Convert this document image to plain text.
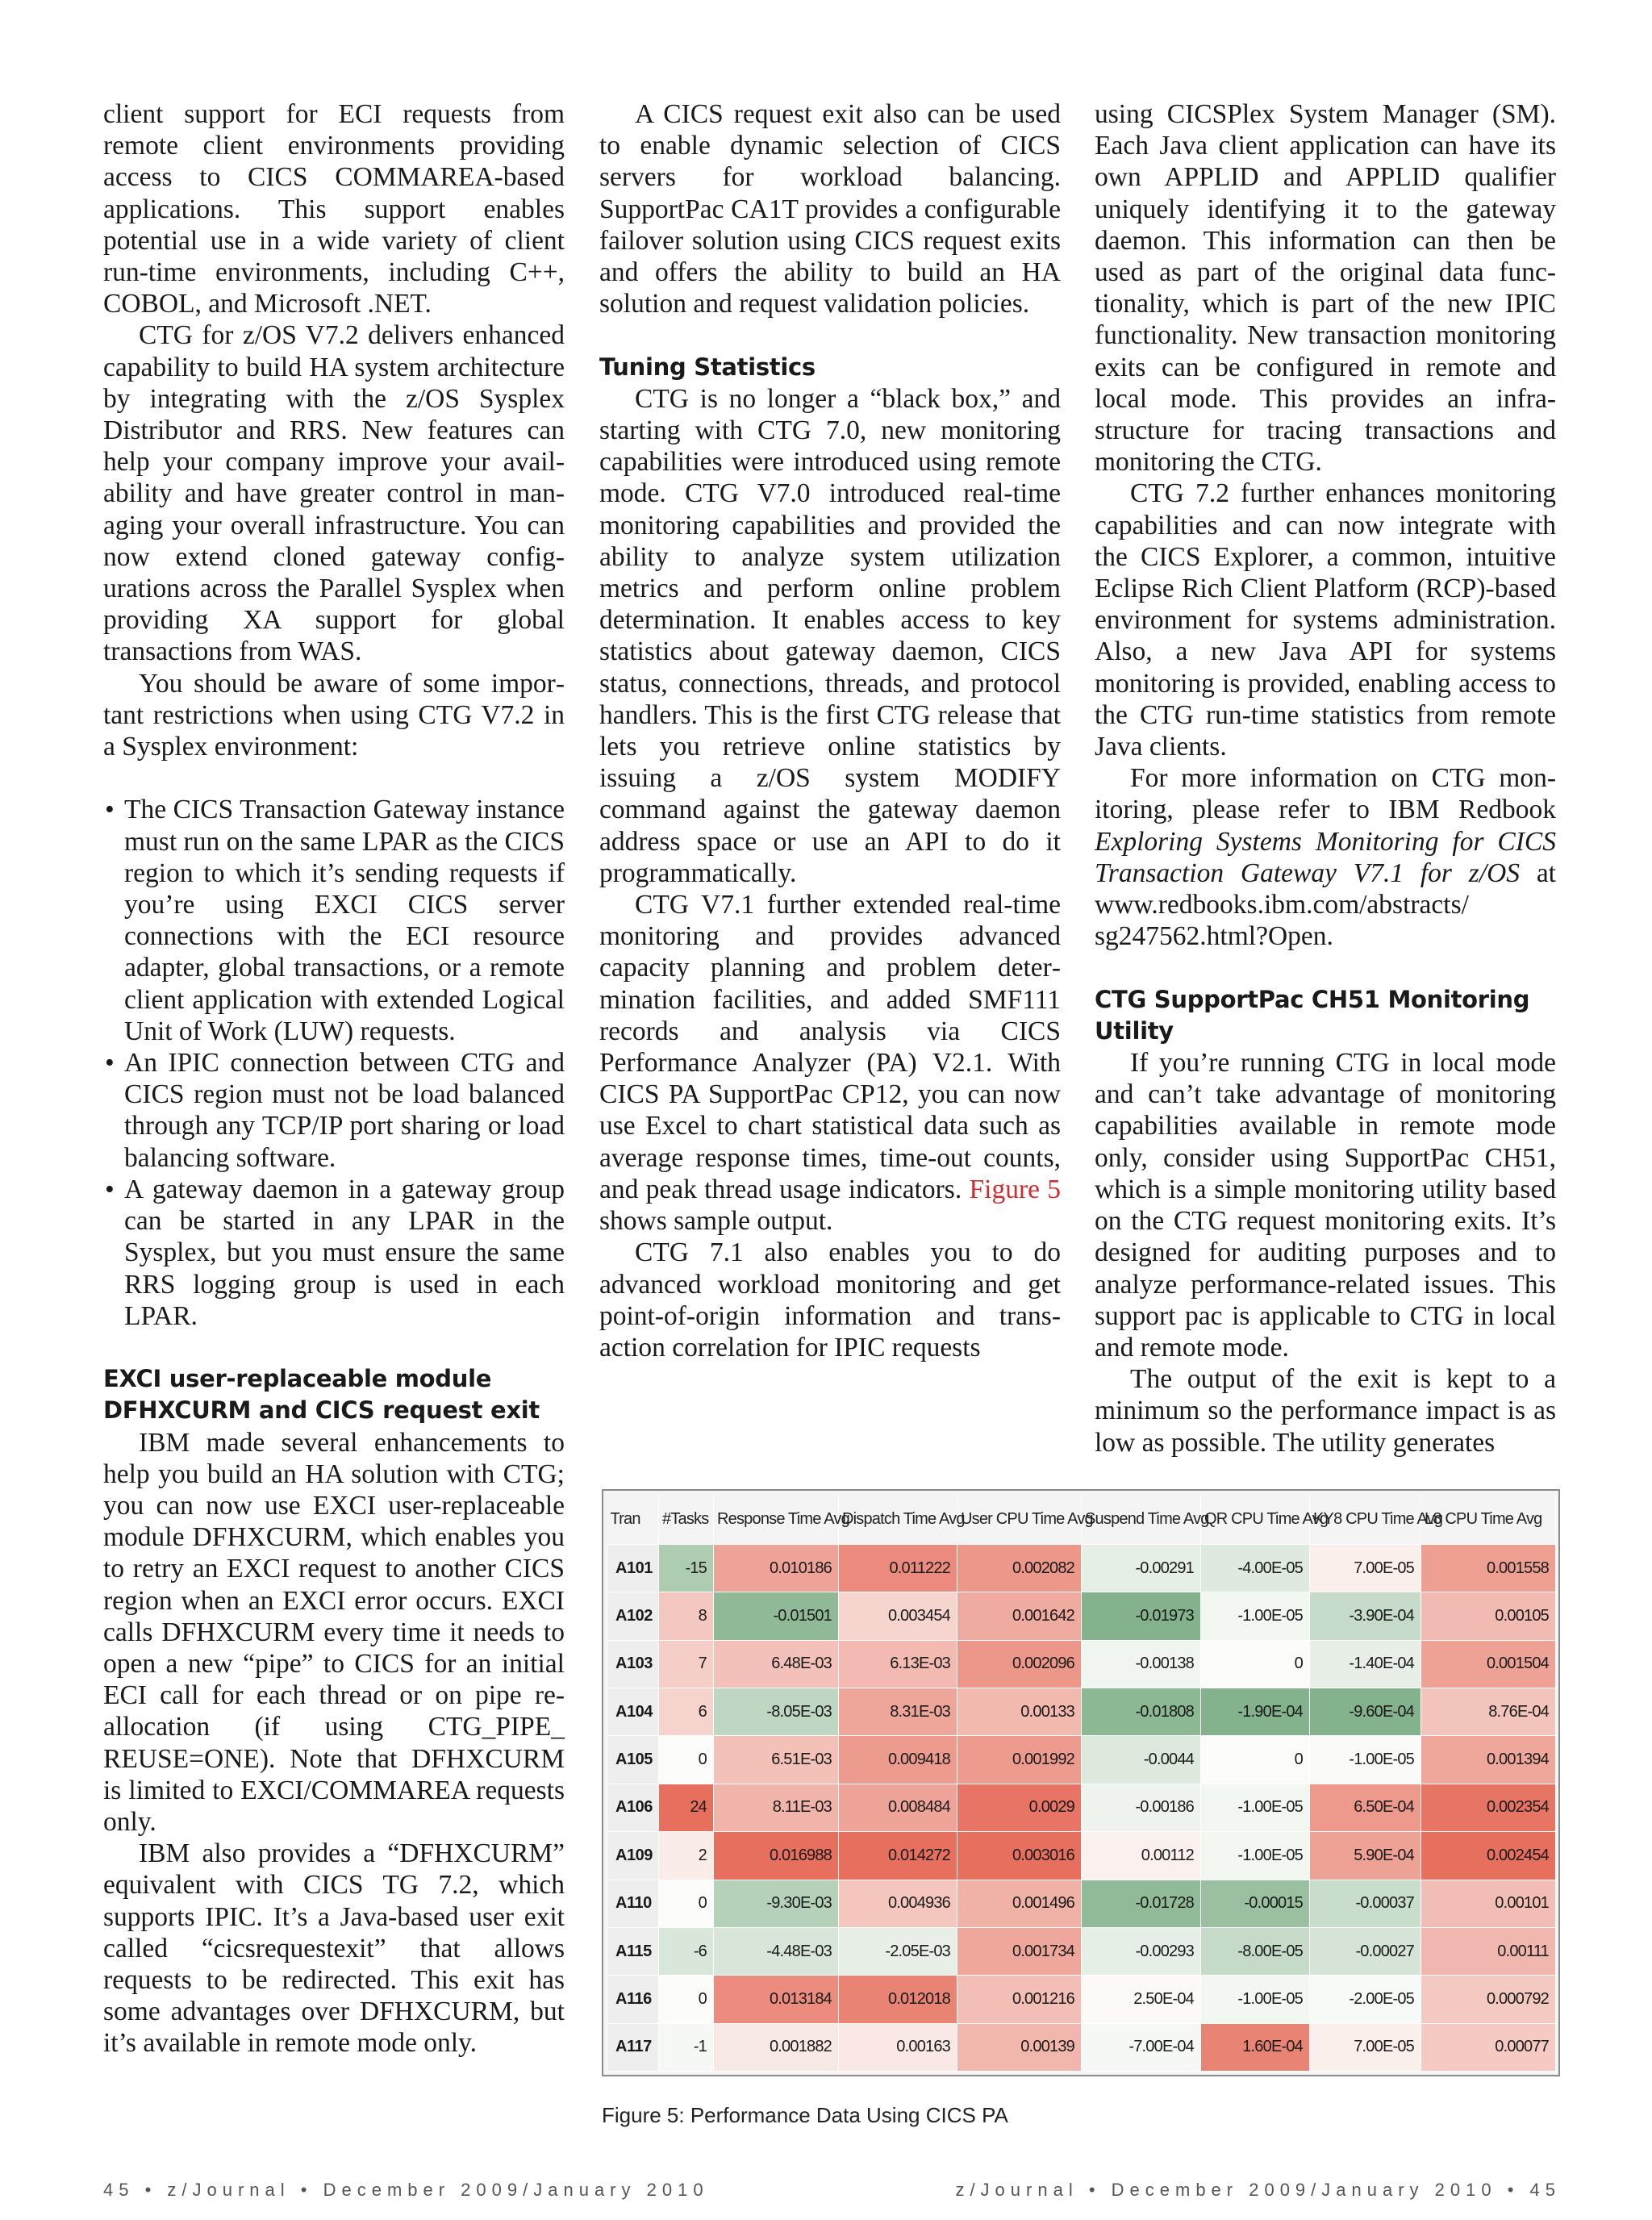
client support for ECI requests from remote client environments providing access to CICS COMMAREA-based applications. This support enables potential use in a wide variety of client run-time environments, including C++, COBOL, and Microsoft .NET.

CTG for z/OS V7.2 delivers enhanced capability to build HA system architecture by integrating with the z/OS Sysplex Distributor and RRS. New features can help your company improve your availability and have greater control in managing your overall infrastructure. You can now extend cloned gateway configurations across the Parallel Sysplex when providing XA support for global transactions from WAS.

You should be aware of some important restrictions when using CTG V7.2 in a Sysplex environment:

• The CICS Transaction Gateway instance must run on the same LPAR as the CICS region to which it’s sending requests if you’re using EXCI CICS server connections with the ECI resource adapter, global transactions, or a remote client application with extended Logical Unit of Work (LUW) requests.
• An IPIC connection between CTG and CICS region must not be load balanced through any TCP/IP port sharing or load balancing software.
• A gateway daemon in a gateway group can be started in any LPAR in the Sysplex, but you must ensure the same RRS logging group is used in each LPAR.
EXCI user-replaceable module DFHXCURM and CICS request exit

IBM made several enhancements to help you build an HA solution with CTG; you can now use EXCI user-replaceable module DFHXCURM, which enables you to retry an EXCI request to another CICS region when an EXCI error occurs. EXCI calls DFHXCURM every time it needs to open a new “pipe” to CICS for an initial ECI call for each thread or on pipe reallocation (if using CTG_PIPE_ REUSE=ONE). Note that DFHXCURM is limited to EXCI/COMMAREA requests only.

IBM also provides a “DFHXCURM” equivalent with CICS TG 7.2, which supports IPIC. It’s a Java-based user exit called “cicsrequestexit” that allows requests to be redirected. This exit has some advantages over DFHXCURM, but it’s available in remote mode only.

A CICS request exit also can be used to enable dynamic selection of CICS servers for workload balancing. SupportPac CA1T provides a configurable failover solution using CICS request exits and offers the ability to build an HA solution and request validation policies.

Tuning Statistics

CTG is no longer a “black box,” and starting with CTG 7.0, new monitoring capabilities were introduced using remote mode. CTG V7.0 introduced real-time monitoring capabilities and provided the ability to analyze system utilization metrics and perform online problem determination. It enables access to key statistics about gateway daemon, CICS status, connections, threads, and protocol handlers. This is the first CTG release that lets you retrieve online statistics by issuing a z/OS system MODIFY command against the gateway daemon address space or use an API to do it programmatically.

CTG V7.1 further extended real-time monitoring and provides advanced capacity planning and problem determination facilities, and added SMF111 records and analysis via CICS Performance Analyzer (PA) V2.1. With CICS PA SupportPac CP12, you can now use Excel to chart statistical data such as average response times, time-out counts, and peak thread usage indicators. Figure 5 shows sample output.

CTG 7.1 also enables you to do advanced workload monitoring and get point-of-origin information and transaction correlation for IPIC requests

using CICSPlex System Manager (SM). Each Java client application can have its own APPLID and APPLID qualifier uniquely identifying it to the gateway daemon. This information can then be used as part of the original data functionality, which is part of the new IPIC functionality. New transaction monitoring exits can be configured in remote and local mode. This provides an infrastructure for tracing transactions and monitoring the CTG.

CTG 7.2 further enhances monitoring capabilities and can now integrate with the CICS Explorer, a common, intuitive Eclipse Rich Client Platform (RCP)-based environment for systems administration. Also, a new Java API for systems monitoring is provided, enabling access to the CTG run-time statistics from remote Java clients.

For more information on CTG monitoring, please refer to IBM Redbook Exploring Systems Monitoring for CICS Transaction Gateway V7.1 for z/OS at www.redbooks.ibm.com/abstracts/ sg247562.html?Open.

CTG SupportPac CH51 Monitoring Utility

If you’re running CTG in local mode and can’t take advantage of monitoring capabilities available in remote mode only, consider using SupportPac CH51, which is a simple monitoring utility based on the CTG request monitoring exits. It’s designed for auditing purposes and to analyze performance-related issues. This support pac is applicable to CTG in local and remote mode.

The output of the exit is kept to a minimum so the performance impact is as low as possible. The utility generates

Tran	#Tasks	Response Time Avg	Dispatch Time Avg	User CPU Time Avg	Suspend Time Avg	QR CPU Time Avg	KY8 CPU Time Avg	L8 CPU Time Avg
A101	-15	0.010186	0.011222	0.002082	-0.00291	-4.00E-05	7.00E-05	0.001558
A102	8	-0.01501	0.003454	0.001642	-0.01973	-1.00E-05	-3.90E-04	0.00105
A103	7	6.48E-03	6.13E-03	0.002096	-0.00138	0	-1.40E-04	0.001504
A104	6	-8.05E-03	8.31E-03	0.00133	-0.01808	-1.90E-04	-9.60E-04	8.76E-04
A105	0	6.51E-03	0.009418	0.001992	-0.0044	0	-1.00E-05	0.001394
A106	24	8.11E-03	0.008484	0.0029	-0.00186	-1.00E-05	6.50E-04	0.002354
A109	2	0.016988	0.014272	0.003016	0.00112	-1.00E-05	5.90E-04	0.002454
A110	0	-9.30E-03	0.004936	0.001496	-0.01728	-0.00015	-0.00037	0.00101
A115	-6	-4.48E-03	-2.05E-03	0.001734	-0.00293	-8.00E-05	-0.00027	0.00111
A116	0	0.013184	0.012018	0.001216	2.50E-04	-1.00E-05	-2.00E-05	0.000792
A117	-1	0.001882	0.00163	0.00139	-7.00E-04	1.60E-04	7.00E-05	0.00077
Figure 5: Performance Data Using CICS PA
45 • z/Journal • December 2009/January 2010	z/Journal • December 2009/January 2010 • 45
